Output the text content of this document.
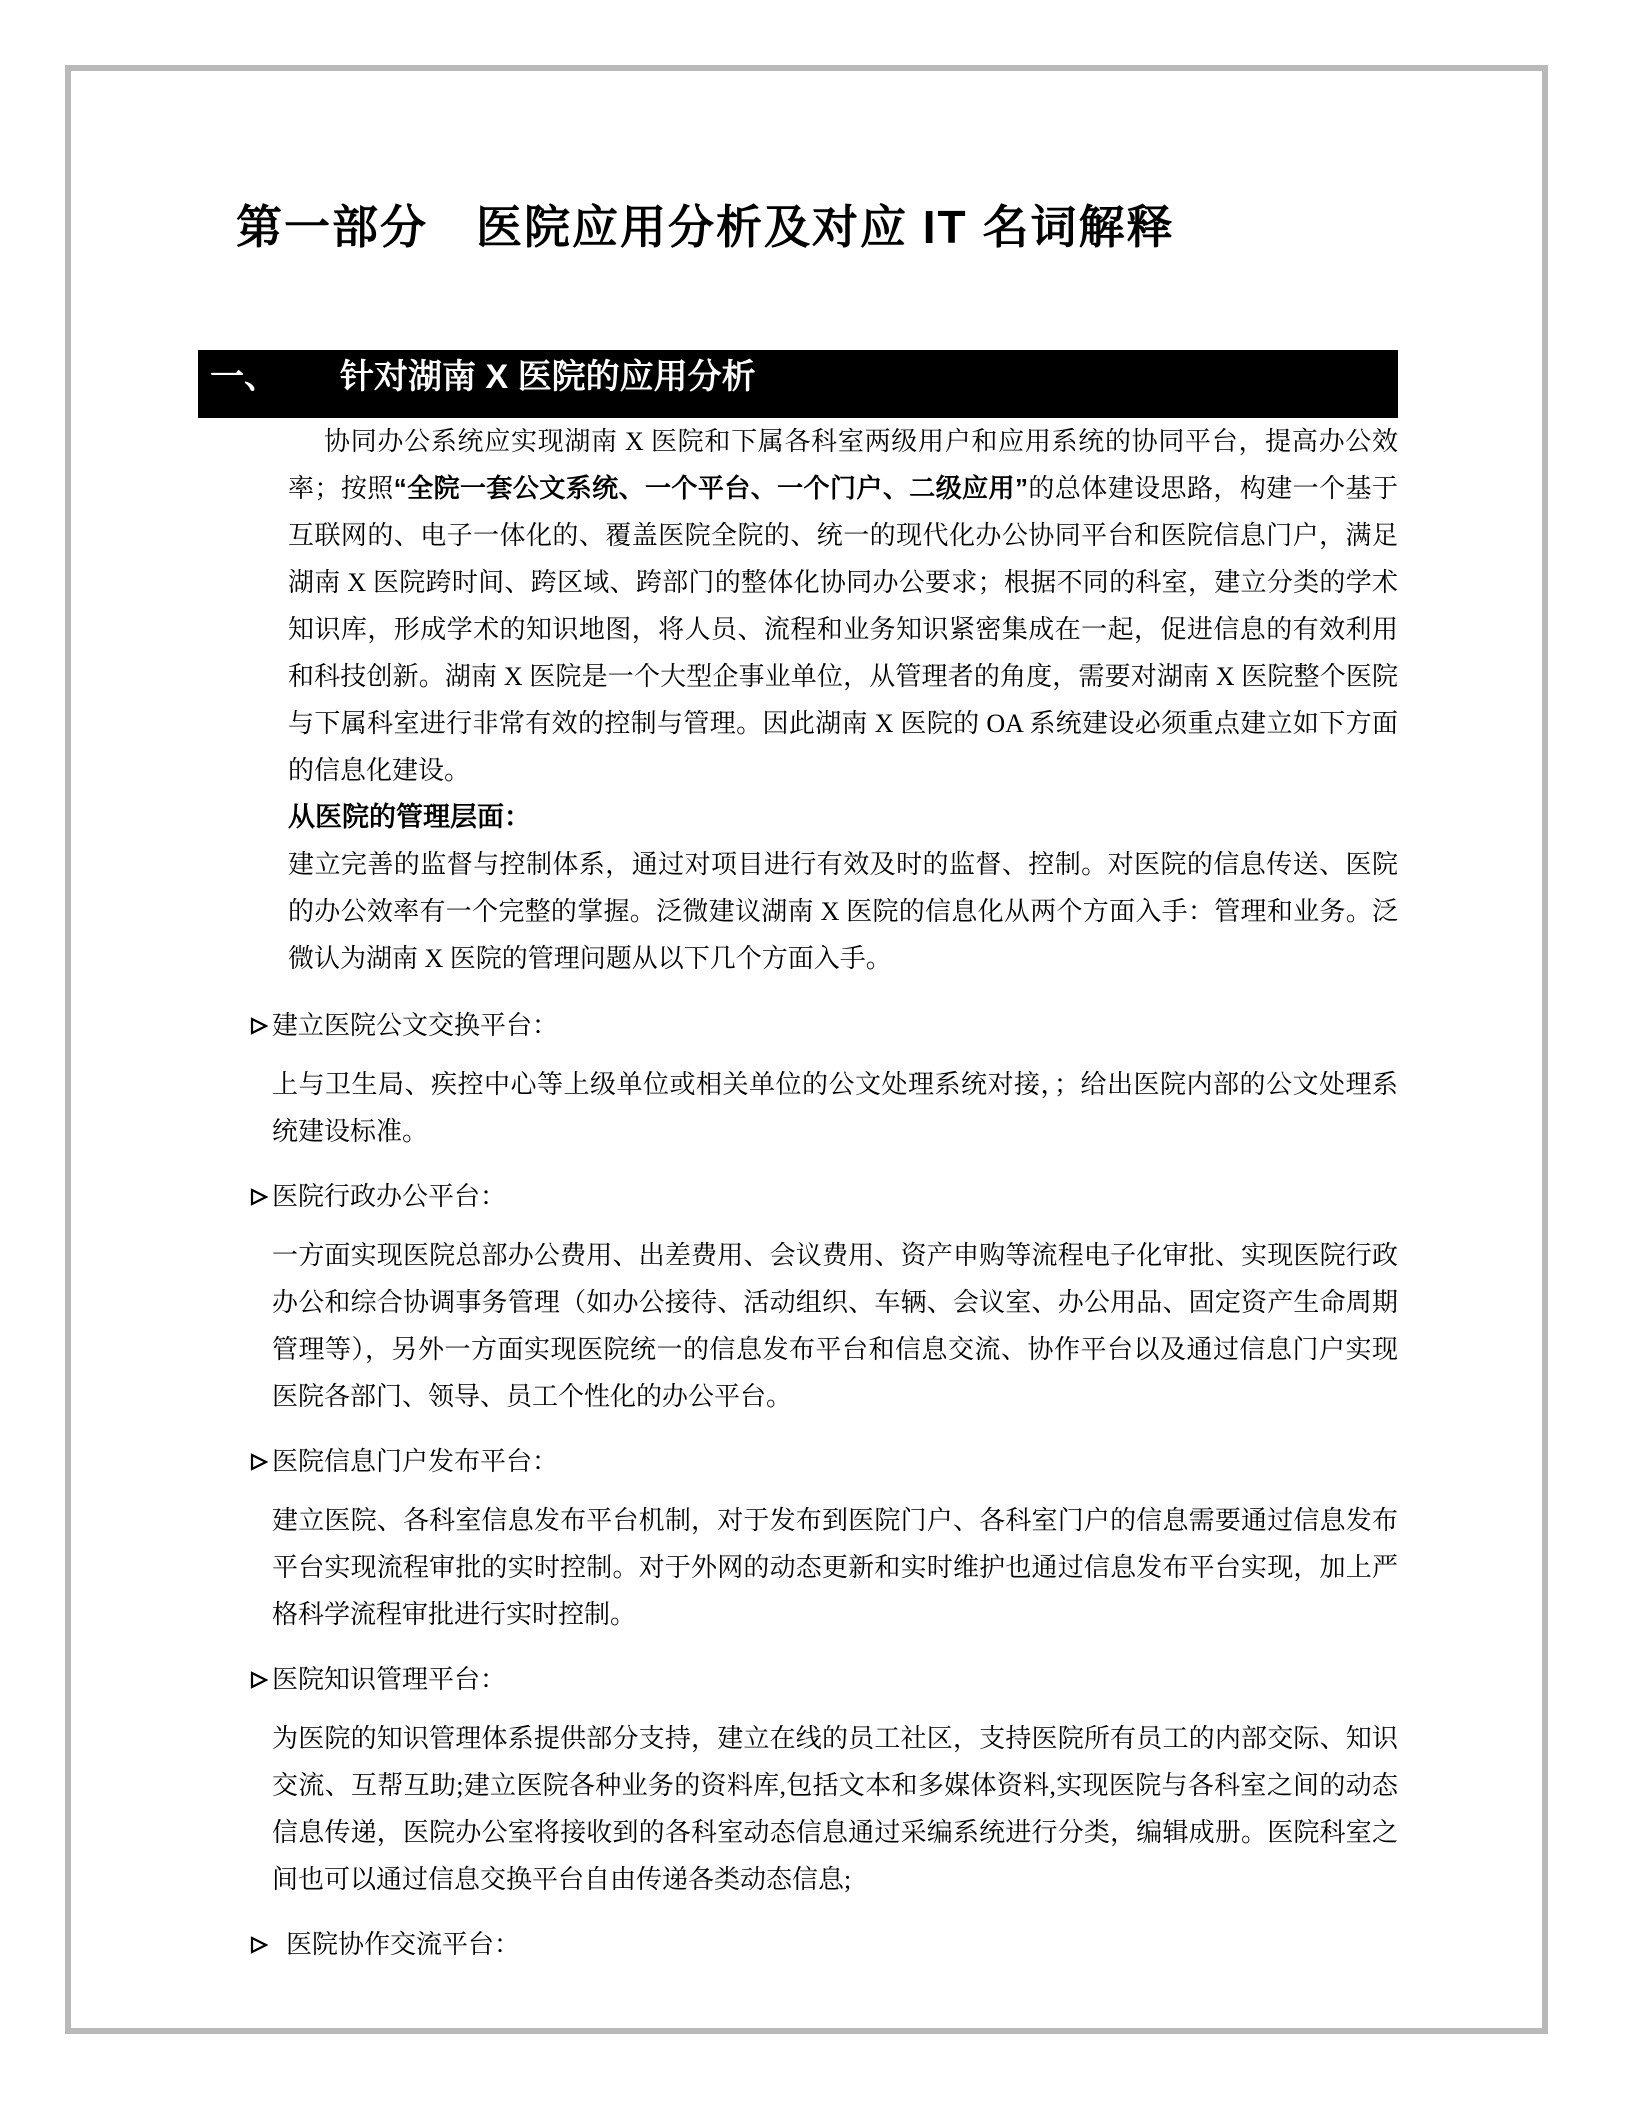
第一部分　医院应用分析及对应 IT 名词解释
一、 针对湖南 X 医院的应用分析

协同办公系统应实现湖南 X 医院和下属各科室两级用户和应用系统的协同平台，提高办公效率；按照“全院一套公文系统、一个平台、一个门户、二级应用”的总体建设思路，构建一个基于互联网的、电子一体化的、覆盖医院全院的、统一的现代化办公协同平台和医院信息门户，满足湖南 X 医院跨时间、跨区域、跨部门的整体化协同办公要求；根据不同的科室，建立分类的学术知识库，形成学术的知识地图，将人员、流程和业务知识紧密集成在一起，促进信息的有效利用和科技创新。湖南 X 医院是一个大型企事业单位，从管理者的角度，需要对湖南 X 医院整个医院与下属科室进行非常有效的控制与管理。因此湖南 X 医院的 OA 系统建设必须重点建立如下方面的信息化建设。

从医院的管理层面：

建立完善的监督与控制体系，通过对项目进行有效及时的监督、控制。对医院的信息传送、医院的办公效率有一个完整的掌握。泛微建议湖南 X 医院的信息化从两个方面入手：管理和业务。泛微认为湖南 X 医院的管理问题从以下几个方面入手。

建立医院公文交换平台：

上与卫生局、疾控中心等上级单位或相关单位的公文处理系统对接，；给出医院内部的公文处理系统建设标准。

医院行政办公平台：

一方面实现医院总部办公费用、出差费用、会议费用、资产申购等流程电子化审批、实现医院行政办公和综合协调事务管理（如办公接待、活动组织、车辆、会议室、办公用品、固定资产生命周期管理等），另外一方面实现医院统一的信息发布平台和信息交流、协作平台以及通过信息门户实现医院各部门、领导、员工个性化的办公平台。

医院信息门户发布平台：

建立医院、各科室信息发布平台机制，对于发布到医院门户、各科室门户的信息需要通过信息发布平台实现流程审批的实时控制。对于外网的动态更新和实时维护也通过信息发布平台实现，加上严格科学流程审批进行实时控制。

医院知识管理平台：

为医院的知识管理体系提供部分支持，建立在线的员工社区，支持医院所有员工的内部交际、知识交流、互帮互助;建立医院各种业务的资料库,包括文本和多媒体资料,实现医院与各科室之间的动态信息传递，医院办公室将接收到的各科室动态信息通过采编系统进行分类，编辑成册。医院科室之间也可以通过信息交换平台自由传递各类动态信息;

医院协作交流平台：
